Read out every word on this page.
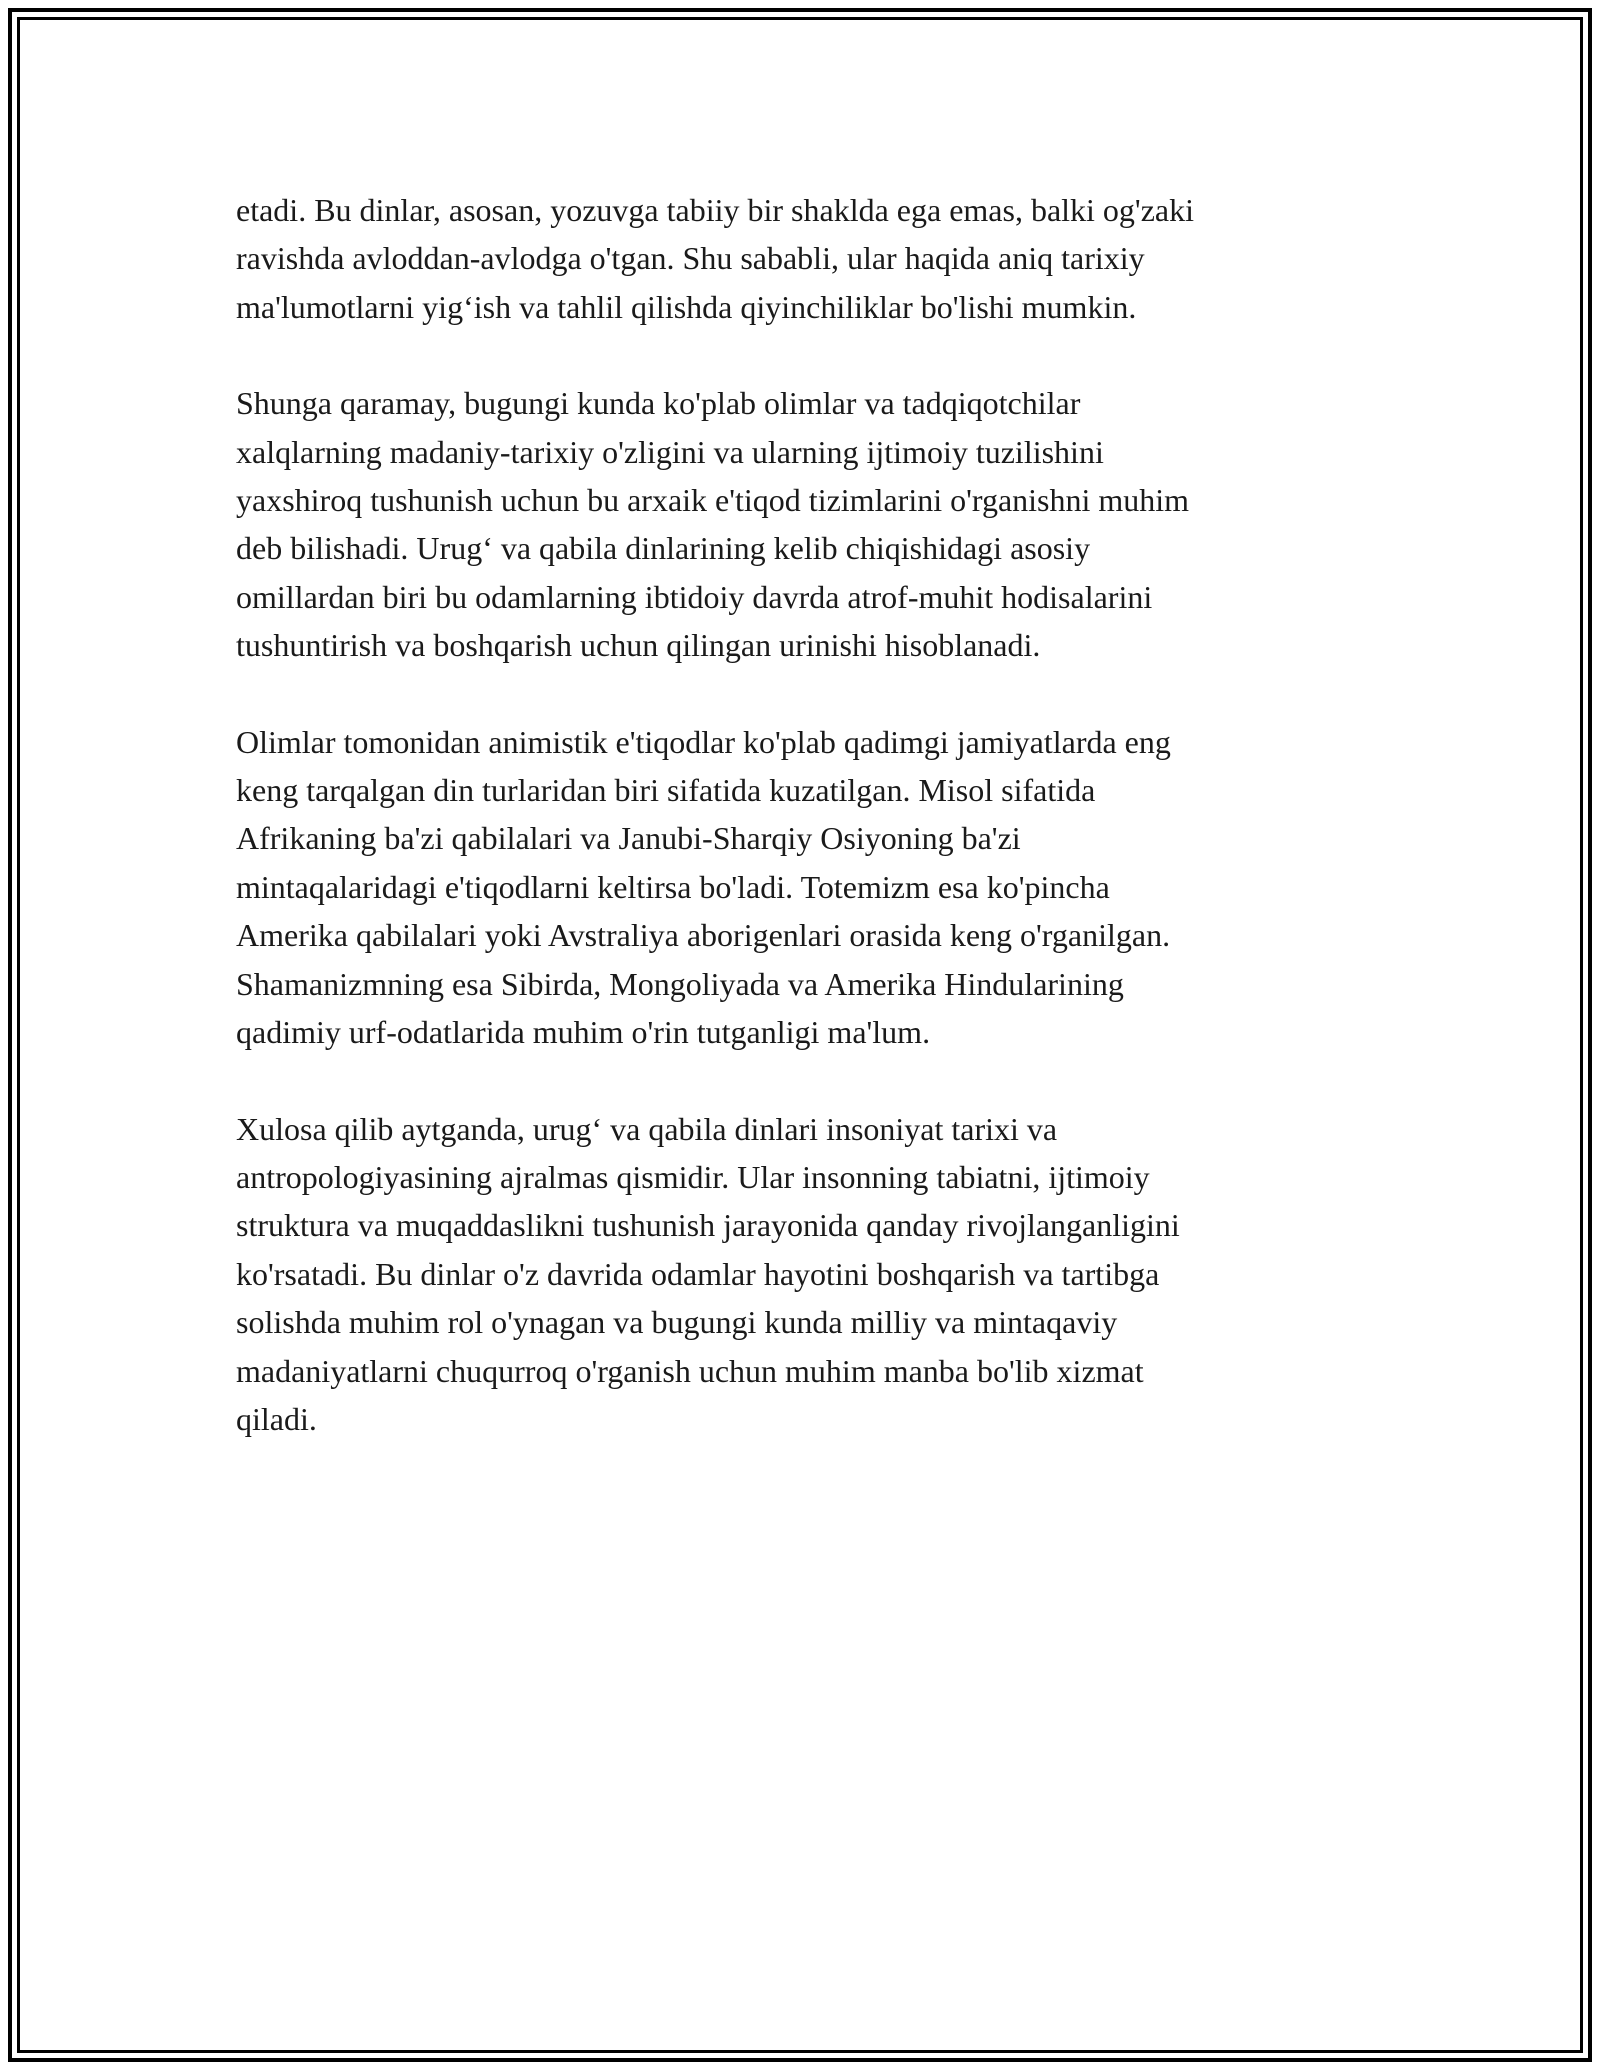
etadi. Bu dinlar, asosan, yozuvga tabiiy bir shaklda ega emas, balki og'zaki
ravishda avloddan-avlodga o'tgan. Shu sababli, ular haqida aniq tarixiy
ma'lumotlarni yig‘ish va tahlil qilishda qiyinchiliklar bo'lishi mumkin.

Shunga qaramay, bugungi kunda ko'plab olimlar va tadqiqotchilar
xalqlarning madaniy-tarixiy o'zligini va ularning ijtimoiy tuzilishini
yaxshiroq tushunish uchun bu arxaik e'tiqod tizimlarini o'rganishni muhim
deb bilishadi. Urug‘ va qabila dinlarining kelib chiqishidagi asosiy
omillardan biri bu odamlarning ibtidoiy davrda atrof-muhit hodisalarini
tushuntirish va boshqarish uchun qilingan urinishi hisoblanadi.

Olimlar tomonidan animistik e'tiqodlar ko'plab qadimgi jamiyatlarda eng
keng tarqalgan din turlaridan biri sifatida kuzatilgan. Misol sifatida
Afrikaning ba'zi qabilalari va Janubi-Sharqiy Osiyoning ba'zi
mintaqalaridagi e'tiqodlarni keltirsa bo'ladi. Totemizm esa ko'pincha
Amerika qabilalari yoki Avstraliya aborigenlari orasida keng o'rganilgan.
Shamanizmning esa Sibirda, Mongoliyada va Amerika Hindularining
qadimiy urf-odatlarida muhim o'rin tutganligi ma'lum.

Xulosa qilib aytganda, urug‘ va qabila dinlari insoniyat tarixi va
antropologiyasining ajralmas qismidir. Ular insonning tabiatni, ijtimoiy
struktura va muqaddaslikni tushunish jarayonida qanday rivojlanganligini
ko'rsatadi. Bu dinlar o'z davrida odamlar hayotini boshqarish va tartibga
solishda muhim rol o'ynagan va bugungi kunda milliy va mintaqaviy
madaniyatlarni chuqurroq o'rganish uchun muhim manba bo'lib xizmat
qiladi.
